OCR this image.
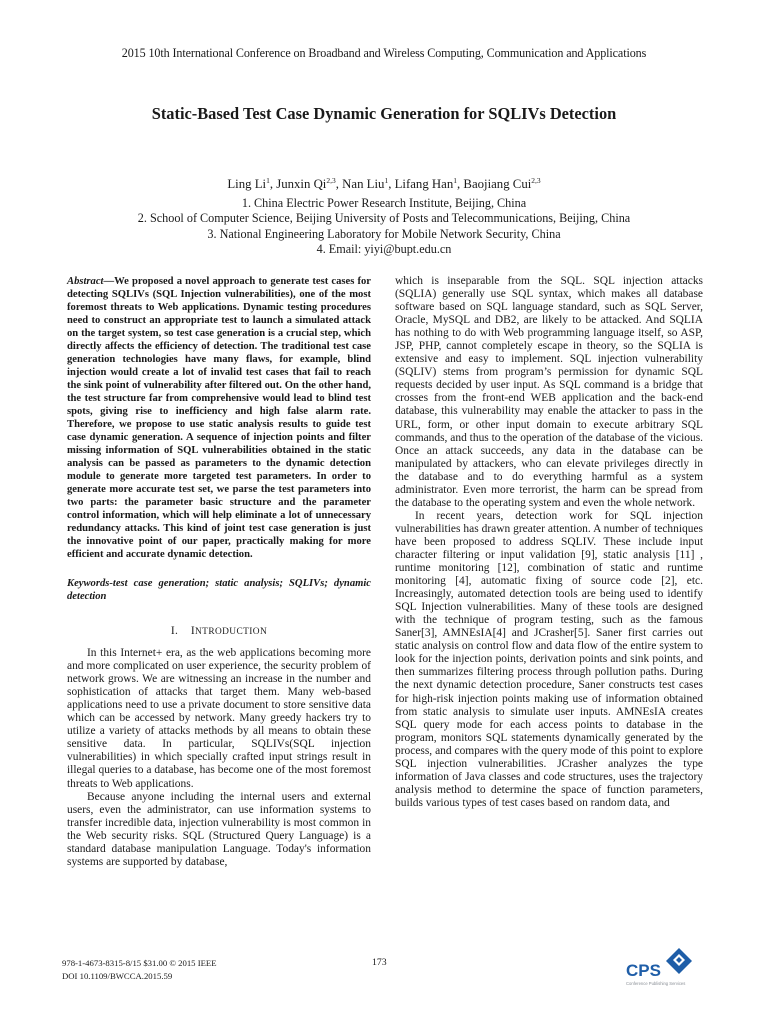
2015 10th International Conference on Broadband and Wireless Computing, Communication and Applications
Static-Based Test Case Dynamic Generation for SQLIVs Detection
Ling Li$^1$, Junxin Qi$^{2,3}$, Nan Liu$^1$, Lifang Han$^1$, Baojiang Cui$^{2,3}$
1. China Electric Power Research Institute, Beijing, China
2. School of Computer Science, Beijing University of Posts and Telecommunications, Beijing, China
3. National Engineering Laboratory for Mobile Network Security, China
4. Email: yiyi@bupt.edu.cn

Abstract—We proposed a novel approach to generate test cases for detecting SQLIVs (SQL Injection vulnerabilities), one of the most foremost threats to Web applications. Dynamic testing procedures need to construct an appropriate test to launch a simulated attack on the target system, so test case generation is a crucial step, which directly affects the efficiency of detection. The traditional test case generation technologies have many flaws, for example, blind injection would create a lot of invalid test cases that fail to reach the sink point of vulnerability after filtered out. On the other hand, the test structure far from comprehensive would lead to blind test spots, giving rise to inefficiency and high false alarm rate. Therefore, we propose to use static analysis results to guide test case dynamic generation. A sequence of injection points and filter missing information of SQL vulnerabilities obtained in the static analysis can be passed as parameters to the dynamic detection module to generate more targeted test parameters. In order to generate more accurate test set, we parse the test parameters into two parts: the parameter basic structure and the parameter control information, which will help eliminate a lot of unnecessary redundancy attacks. This kind of joint test case generation is just the innovative point of our paper, practically making for more efficient and accurate dynamic detection.

Keywords-test case generation; static analysis; SQLIVs; dynamic detection

I. INTRODUCTION

In this Internet+ era, as the web applications becoming more and more complicated on user experience, the security problem of network grows. We are witnessing an increase in the number and sophistication of attacks that target them. Many web-based applications need to use a private document to store sensitive data which can be accessed by network. Many greedy hackers try to utilize a variety of attacks methods by all means to obtain these sensitive data. In particular, SQLIVs(SQL injection vulnerabilities) in which specially crafted input strings result in illegal queries to a database, has become one of the most foremost threats to Web applications.

Because anyone including the internal users and external users, even the administrator, can use information systems to transfer incredible data, injection vulnerability is most common in the Web security risks. SQL (Structured Query Language) is a standard database manipulation Language. Today's information systems are supported by database,

which is inseparable from the SQL. SQL injection attacks (SQLIA) generally use SQL syntax, which makes all database software based on SQL language standard, such as SQL Server, Oracle, MySQL and DB2, are likely to be attacked. And SQLIA has nothing to do with Web programming language itself, so ASP, JSP, PHP, cannot completely escape in theory, so the SQLIA is extensive and easy to implement. SQL injection vulnerability (SQLIV) stems from program’s permission for dynamic SQL requests decided by user input. As SQL command is a bridge that crosses from the front-end WEB application and the back-end database, this vulnerability may enable the attacker to pass in the URL, form, or other input domain to execute arbitrary SQL commands, and thus to the operation of the database of the vicious. Once an attack succeeds, any data in the database can be manipulated by attackers, who can elevate privileges directly in the database and to do everything harmful as a system administrator. Even more terrorist, the harm can be spread from the database to the operating system and even the whole network.

In recent years, detection work for SQL injection vulnerabilities has drawn greater attention. A number of techniques have been proposed to address SQLIV. These include input character filtering or input validation [9], static analysis [11] , runtime monitoring [12], combination of static and runtime monitoring [4], automatic fixing of source code [2], etc. Increasingly, automated detection tools are being used to identify SQL Injection vulnerabilities. Many of these tools are designed with the technique of program testing, such as the famous Saner[3], AMNEsIA[4] and JCrasher[5]. Saner first carries out static analysis on control flow and data flow of the entire system to look for the injection points, derivation points and sink points, and then summarizes filtering process through pollution paths. During the next dynamic detection procedure, Saner constructs test cases for high-risk injection points making use of information obtained from static analysis to simulate user inputs. AMNEsIA creates SQL query mode for each access points to database in the program, monitors SQL statements dynamically generated by the process, and compares with the query mode of this point to explore SQL injection vulnerabilities. JCrasher analyzes the type information of Java classes and code structures, uses the trajectory analysis method to determine the space of function parameters, builds various types of test cases based on random data, and

978-1-4673-8315-8/15 $31.00 © 2015 IEEE
DOI 10.1109/BWCCA.2015.59
173	CPS
Conference Publishing Services
